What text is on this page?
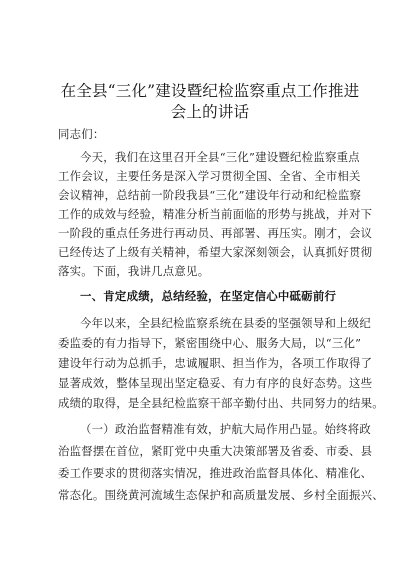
在全县“三化”建设暨纪检监察重点工作推进
会上的讲话
同志们：
今天，我们在这里召开全县“三化”建设暨纪检监察重点
工作会议，主要任务是深入学习贯彻全国、全省、全市相关
会议精神，总结前一阶段我县“三化”建设年行动和纪检监察
工作的成效与经验，精准分析当前面临的形势与挑战，并对下
一阶段的重点任务进行再动员、再部署、再压实。刚才，会议
已经传达了上级有关精神，希望大家深刻领会，认真抓好贯彻
落实。下面，我讲几点意见。
一、肯定成绩，总结经验，在坚定信心中砥砺前行
今年以来，全县纪检监察系统在县委的坚强领导和上级纪
委监委的有力指导下，紧密围绕中心、服务大局，以“三化”
建设年行动为总抓手，忠诚履职、担当作为，各项工作取得了
显著成效，整体呈现出坚定稳妥、有力有序的良好态势。这些
成绩的取得，是全县纪检监察干部辛勤付出、共同努力的结果。
（一）政治监督精准有效，护航大局作用凸显。始终将政
治监督摆在首位，紧盯党中央重大决策部署及省委、市委、县
委工作要求的贯彻落实情况，推进政治监督具体化、精准化、
常态化。围绕黄河流域生态保护和高质量发展、乡村全面振兴、
